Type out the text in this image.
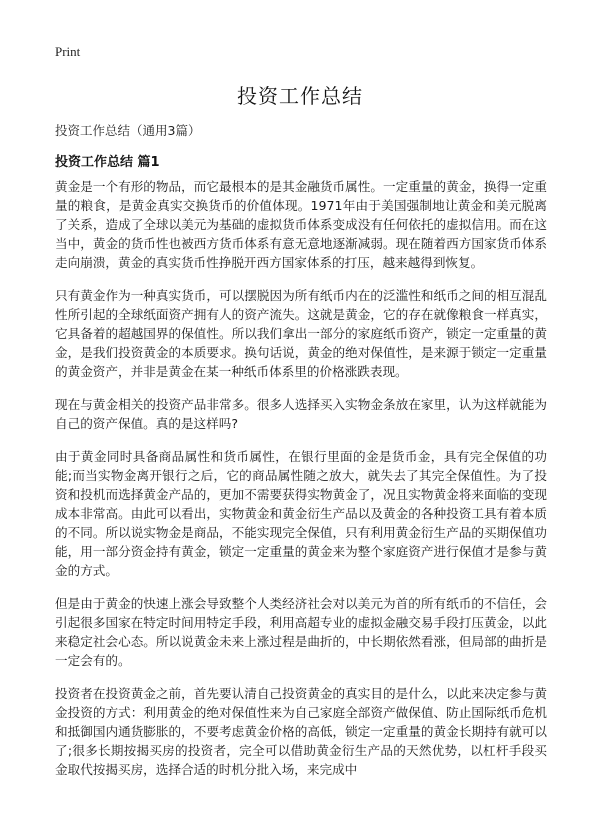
Print
投资工作总结
投资工作总结（通用3篇）
投资工作总结 篇1

黄金是一个有形的物品，而它最根本的是其金融货币属性。一定重量的黄金，换得一定重量的粮食，是黄金真实交换货币的价值体现。1971年由于美国强制地让黄金和美元脱离了关系，造成了全球以美元为基础的虚拟货币体系变成没有任何依托的虚拟信用。而在这当中，黄金的货币性也被西方货币体系有意无意地逐渐减弱。现在随着西方国家货币体系走向崩溃，黄金的真实货币性挣脱开西方国家体系的打压，越来越得到恢复。

只有黄金作为一种真实货币，可以摆脱因为所有纸币内在的泛滥性和纸币之间的相互混乱性所引起的全球纸面资产拥有人的资产流失。这就是黄金，它的存在就像粮食一样真实，它具备着的超越国界的保值性。所以我们拿出一部分的家庭纸币资产，锁定一定重量的黄金，是我们投资黄金的本质要求。换句话说，黄金的绝对保值性，是来源于锁定一定重量的黄金资产，并非是黄金在某一种纸币体系里的价格涨跌表现。

现在与黄金相关的投资产品非常多。很多人选择买入实物金条放在家里，认为这样就能为自己的资产保值。真的是这样吗?

由于黄金同时具备商品属性和货币属性，在银行里面的金是货币金，具有完全保值的功能;而当实物金离开银行之后，它的商品属性随之放大，就失去了其完全保值性。为了投资和投机而选择黄金产品的，更加不需要获得实物黄金了，况且实物黄金将来面临的变现成本非常高。由此可以看出，实物黄金和黄金衍生产品以及黄金的各种投资工具有着本质的不同。所以说实物金是商品，不能实现完全保值，只有利用黄金衍生产品的买期保值功能，用一部分资金持有黄金，锁定一定重量的黄金来为整个家庭资产进行保值才是参与黄金的方式。

但是由于黄金的快速上涨会导致整个人类经济社会对以美元为首的所有纸币的不信任，会引起很多国家在特定时间用特定手段，利用高超专业的虚拟金融交易手段打压黄金，以此来稳定社会心态。所以说黄金未来上涨过程是曲折的，中长期依然看涨，但局部的曲折是一定会有的。

投资者在投资黄金之前，首先要认清自己投资黄金的真实目的是什么，以此来决定参与黄金投资的方式：利用黄金的绝对保值性来为自己家庭全部资产做保值、防止国际纸币危机和抵御国内通货膨胀的，不要考虑黄金价格的高低，锁定一定重量的黄金长期持有就可以了;很多长期按揭买房的投资者，完全可以借助黄金衍生产品的天然优势，以杠杆手段买金取代按揭买房，选择合适的时机分批入场，来完成中
